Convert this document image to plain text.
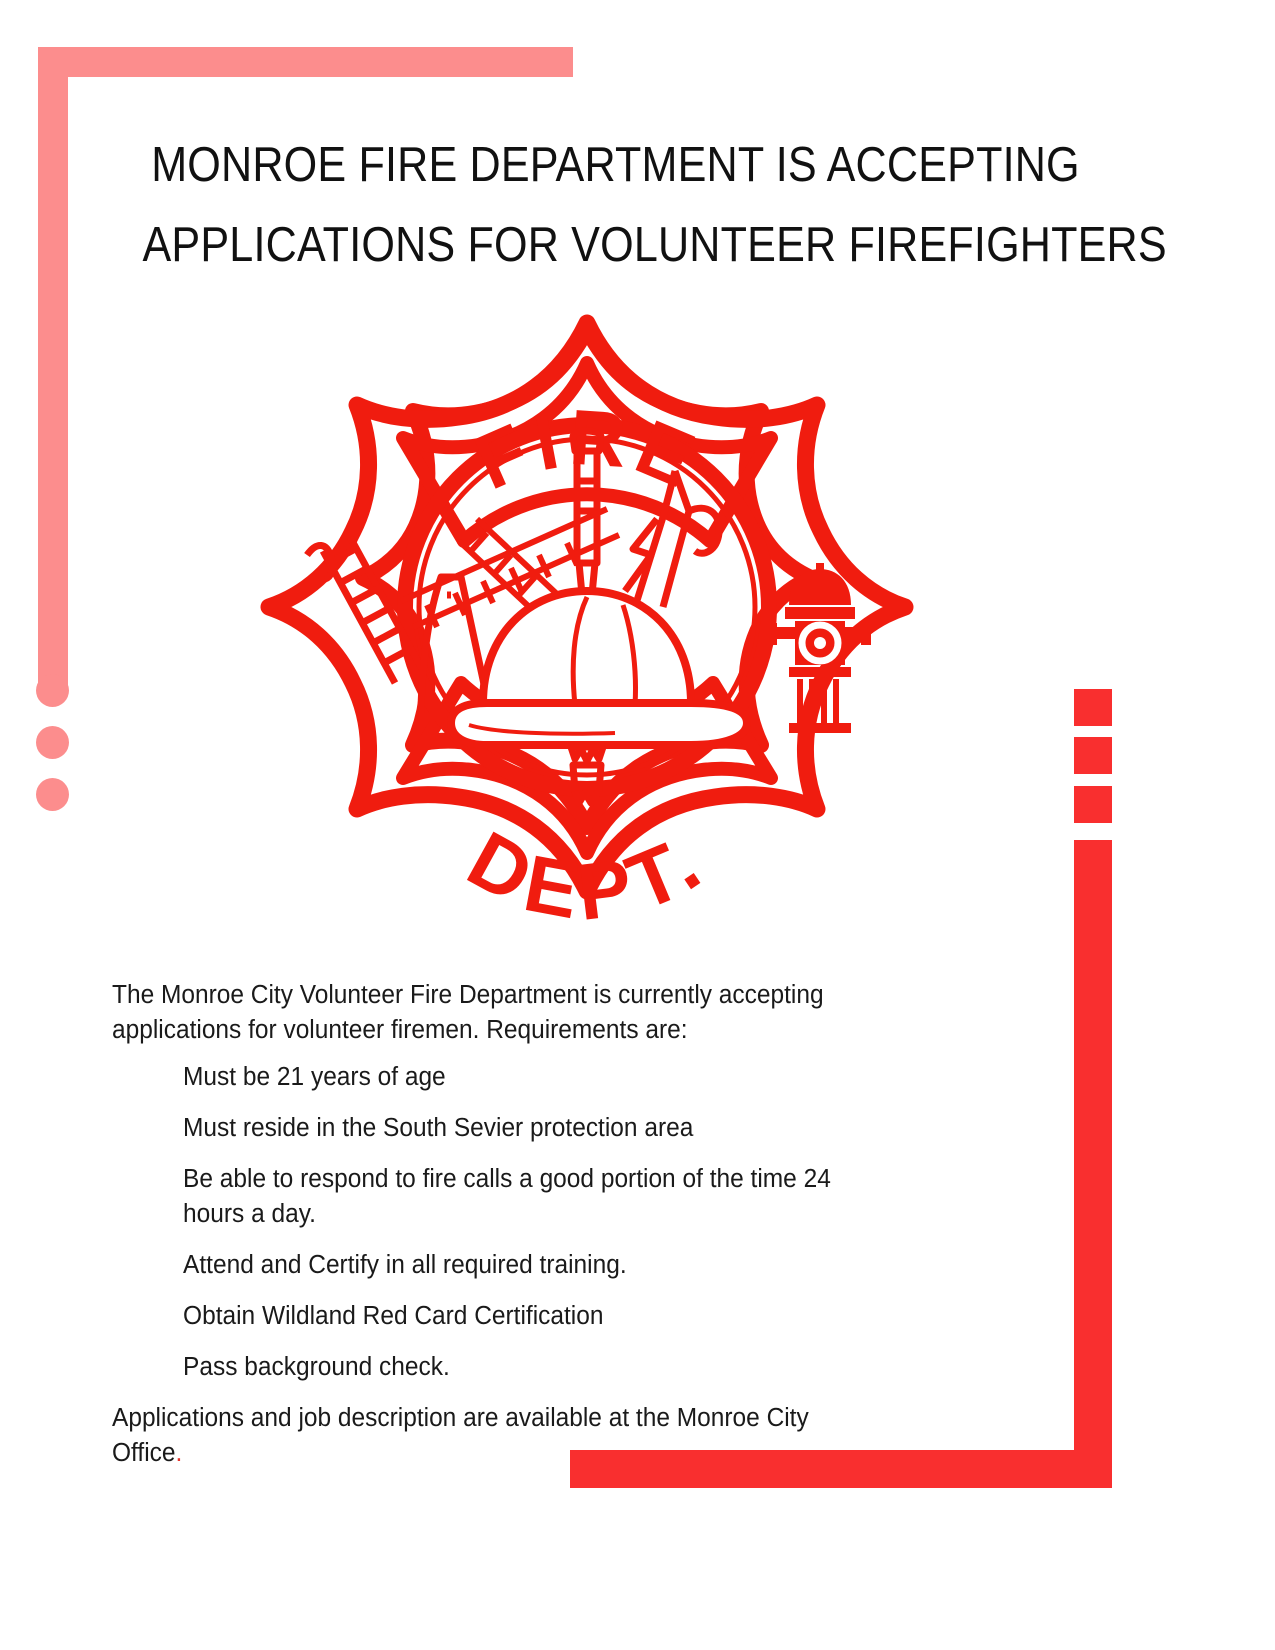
MONROE FIRE DEPARTMENT IS ACCEPTING
APPLICATIONS FOR VOLUNTEER FIREFIGHTERS
FIRE
DEPT.

The Monroe City Volunteer Fire Department is currently accepting applications for volunteer firemen. Requirements are:

Must be 21 years of age
Must reside in the South Sevier protection area
Be able to respond to fire calls a good portion of the time 24 hours a day.
Attend and Certify in all required training.
Obtain Wildland Red Card Certification
Pass background check.

Applications and job description are available at the Monroe City Office.
